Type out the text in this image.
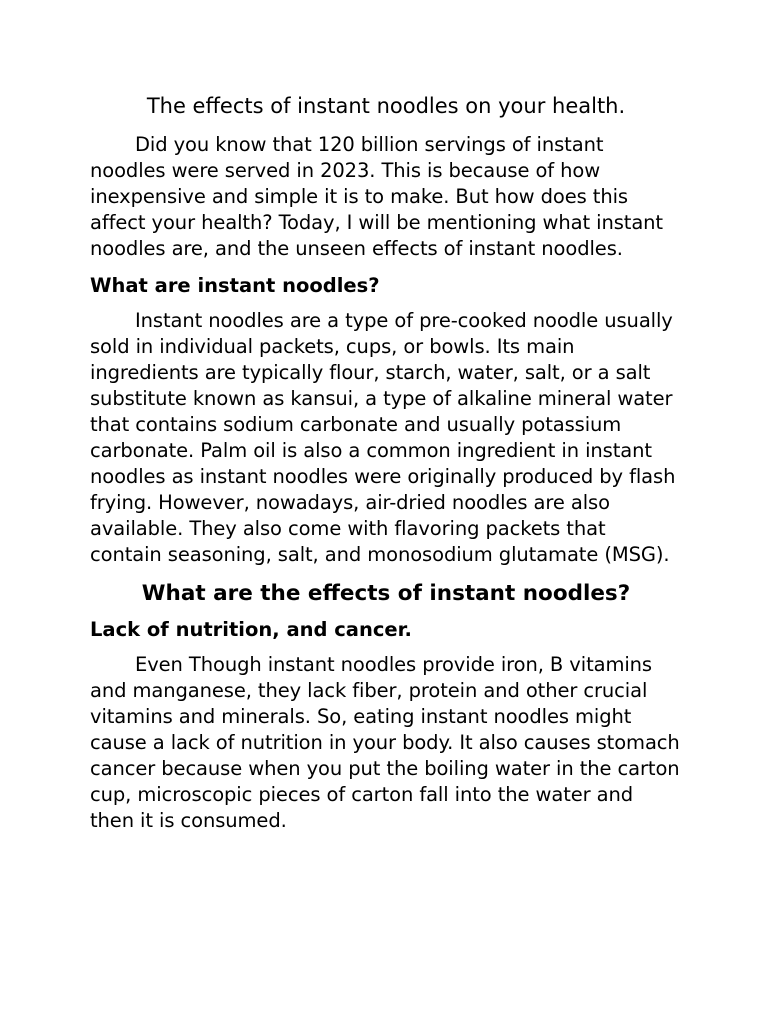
The effects of instant noodles on your health.

Did you know that 120 billion servings of instant noodles were served in 2023. This is because of how inexpensive and simple it is to make. But how does this affect your health? Today, I will be mentioning what instant noodles are, and the unseen effects of instant noodles.

What are instant noodles?

Instant noodles are a type of pre-cooked noodle usually sold in individual packets, cups, or bowls. Its main ingredients are typically flour, starch, water, salt, or a salt substitute known as kansui, a type of alkaline mineral water that contains sodium carbonate and usually potassium carbonate. Palm oil is also a common ingredient in instant noodles as instant noodles were originally produced by flash frying. However, nowadays, air-dried noodles are also available. They also come with flavoring packets that contain seasoning, salt, and monosodium glutamate (MSG).

What are the effects of instant noodles?
Lack of nutrition, and cancer.

Even Though instant noodles provide iron, B vitamins and manganese, they lack fiber, protein and other crucial vitamins and minerals. So, eating instant noodles might cause a lack of nutrition in your body. It also causes stomach cancer because when you put the boiling water in the carton cup, microscopic pieces of carton fall into the water and then it is consumed.
